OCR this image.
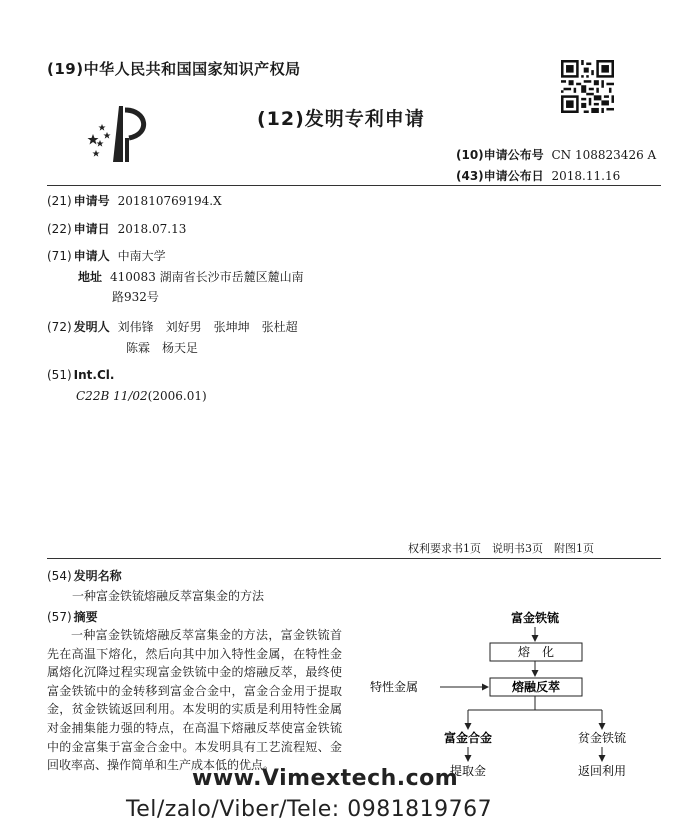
(19)中华人民共和国国家知识产权局
(12)发明专利申请
(10)申请公布号 CN 108823426 A
(43)申请公布日 2018.11.16
(21) 申请号 201810769194.X
(22) 申请日 2018.07.13
(71) 申请人 中南大学
地址 410083 湖南省长沙市岳麓区麓山南
路932号
(72) 发明人 刘伟锋　刘好男　张坤坤　张杜超
陈霖　杨天足
(51) Int.Cl.
C22B 11/02(2006.01)
权利要求书1页　说明书3页　附图1页
(54) 发明名称
一种富金铁锍熔融反萃富集金的方法
(57) 摘要
一种富金铁锍熔融反萃富集金的方法，富金铁锍首先在高温下熔化，然后向其中加入特性金属，在特性金属熔化沉降过程实现富金铁锍中金的熔融反萃，最终使富金铁锍中的金转移到富金合金中，富金合金用于提取金，贫金铁锍返回利用。本发明的实质是利用特性金属对金捕集能力强的特点，在高温下熔融反萃使富金铁锍中的金富集于富金合金中。本发明具有工艺流程短、金回收率高、操作简单和生产成本低的优点。
富金铁锍
熔　化
特性金属	熔融反萃
富金合金	贫金铁锍
提取金	返回利用
www.Vimextech.com
Tel/zalo/Viber/Tele: 0981819767
